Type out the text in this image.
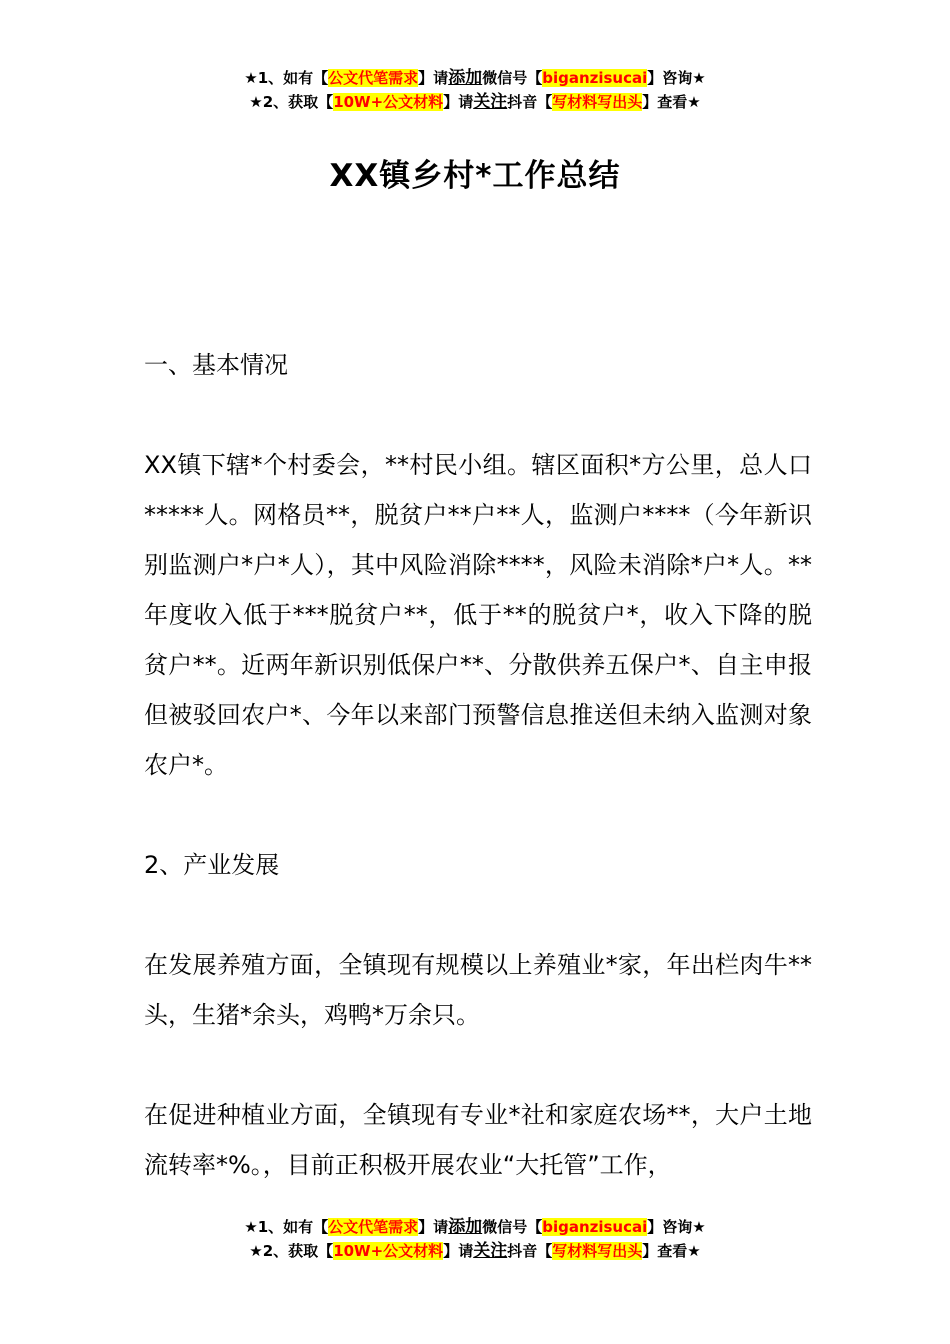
★1、如有【公文代笔需求】请添加微信号【biganzisucai】咨询★
★2、获取【10W+公文材料】请关注抖音【写材料写出头】查看★
XX镇乡村*工作总结

一、基本情况

XX镇下辖*个村委会，**村民小组。辖区面积*方公里，总人口*****人。网格员**，脱贫户**户**人，监测户****（今年新识别监测户*户*人），其中风险消除****，风险未消除*户*人。**年度收入低于***脱贫户**，低于**的脱贫户*，收入下降的脱贫户**。近两年新识别低保户**、分散供养五保户*、自主申报但被驳回农户*、今年以来部门预警信息推送但未纳入监测对象农户*。

2、产业发展

在发展养殖方面，全镇现有规模以上养殖业*家，年出栏肉牛**头，生猪*余头，鸡鸭*万余只。

在促进种植业方面，全镇现有专业*社和家庭农场**，大户土地流转率*%。，目前正积极开展农业“大托管”工作，

★1、如有【公文代笔需求】请添加微信号【biganzisucai】咨询★
★2、获取【10W+公文材料】请关注抖音【写材料写出头】查看★
